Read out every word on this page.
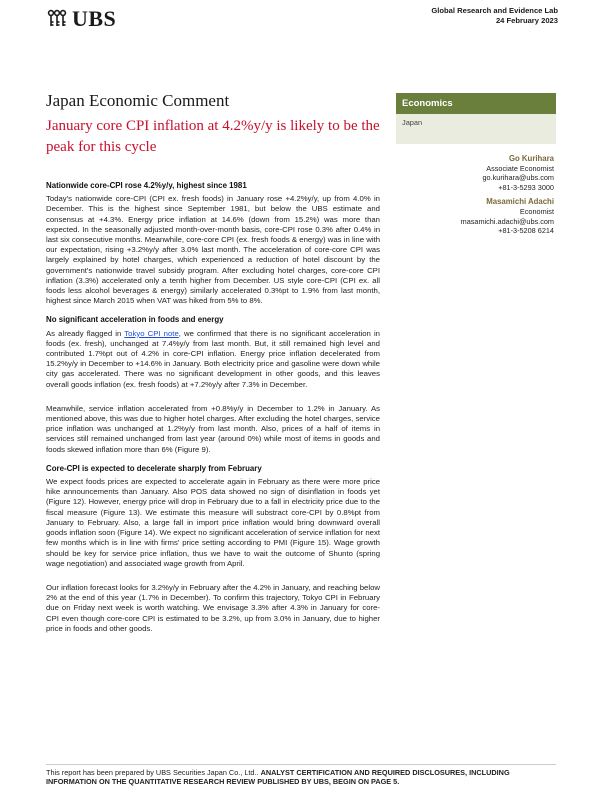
UBS	Global Research and Evidence Lab
24 February 2023
Japan Economic Comment
January core CPI inflation at 4.2%y/y is likely to be the peak for this cycle
Nationwide core-CPI rose 4.2%y/y, highest since 1981

Today's nationwide core-CPI (CPI ex. fresh foods) in January rose +4.2%y/y, up from 4.0% in December. This is the highest since September 1981, but below the UBS estimate and consensus at +4.3%. Energy price inflation at 14.6% (down from 15.2%) was more than expected. In the seasonally adjusted month-over-month basis, core-CPI rose 0.3% after 0.4% in last six consecutive months. Meanwhile, core-core CPI (ex. fresh foods & energy) was in line with our expectation, rising +3.2%y/y after 3.0% last month. The acceleration of core-core CPI was largely explained by hotel charges, which experienced a reduction of hotel discount by the government's nationwide travel subsidy program. After excluding hotel charges, core-core CPI inflation (3.3%) accelerated only a tenth higher from December. US style core-CPI (CPI ex. all foods less alcohol beverages & energy) similarly accelerated 0.3%pt to 1.9% from last month, highest since March 2015 when VAT was hiked from 5% to 8%.

No significant acceleration in foods and energy

As already flagged in Tokyo CPI note, we confirmed that there is no significant acceleration in foods (ex. fresh), unchanged at 7.4%y/y from last month. But, it still remained high level and contributed 1.7%pt out of 4.2% in core-CPI inflation. Energy price inflation decelerated from 15.2%y/y in December to +14.6% in January. Both electricity price and gasoline were down while city gas accelerated. There was no significant development in other goods, and this leaves overall goods inflation (ex. fresh foods) at +7.2%y/y after 7.3% in December.

Meanwhile, service inflation accelerated from +0.8%y/y in December to 1.2% in January. As mentioned above, this was due to higher hotel charges. After excluding the hotel charges, service price inflation was unchanged at 1.2%y/y from last month. Also, prices of a half of items in services still remained unchanged from last year (around 0%) while most of items in goods and foods skewed inflation more than 6% (Figure 9).

Core-CPI is expected to decelerate sharply from February

We expect foods prices are expected to accelerate again in February as there were more price hike announcements than January. Also POS data showed no sign of disinflation in foods yet (Figure 12). However, energy price will drop in February due to a fall in electricity price due to the fiscal measure (Figure 13). We estimate this measure will substract core-CPI by 0.8%pt from January to February. Also, a large fall in import price inflation would bring downward overall goods inflation soon (Figure 14). We expect no significant acceleration of service inflation for next few months which is in line with firms' price setting according to PMI (Figure 15). Wage growth should be key for service price inflation, thus we have to wait the outcome of Shunto (spring wage negotiation) and associated wage growth from April.

Our inflation forecast looks for 3.2%y/y in February after the 4.2% in January, and reaching below 2% at the end of this year (1.7% in December). To confirm this trajectory, Tokyo CPI in February due on Friday next week is worth watching. We envisage 3.3% after 4.3% in January for core-CPI even though core-core CPI is estimated to be 3.2%, up from 3.0% in January, due to higher price in foods and other goods.

Economics
Japan
Go Kurihara
Associate Economist
go.kurihara@ubs.com
+81-3-5293 3000
Masamichi Adachi
Economist
masamichi.adachi@ubs.com
+81-3-5208 6214
This report has been prepared by UBS Securities Japan Co., Ltd.. ANALYST CERTIFICATION AND REQUIRED DISCLOSURES, INCLUDING INFORMATION ON THE QUANTITATIVE RESEARCH REVIEW PUBLISHED BY UBS, BEGIN ON PAGE 5.
